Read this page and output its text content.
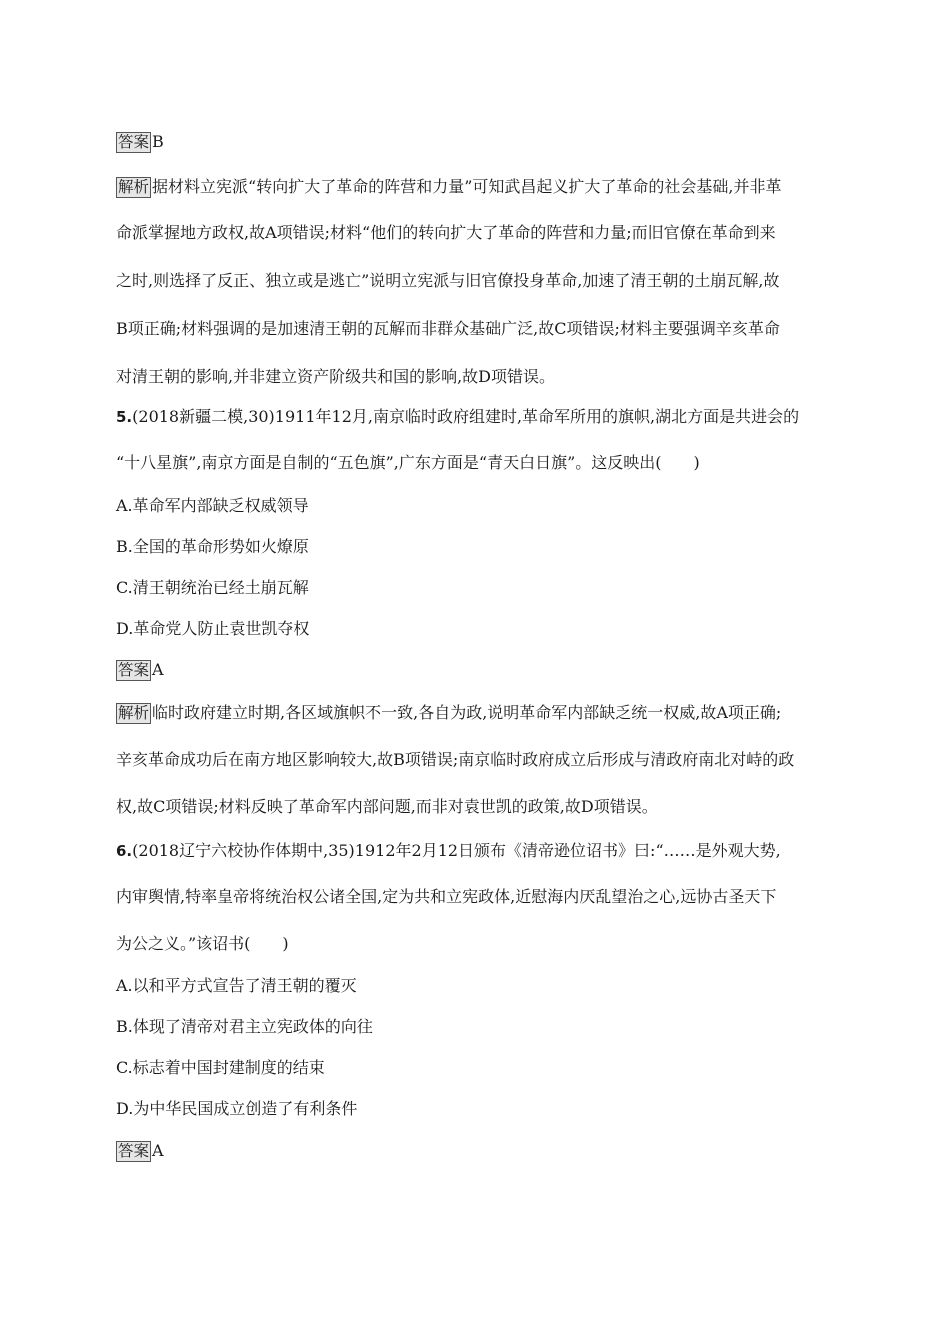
答案 B
解析 据材料立宪派“转向扩大了革命的阵营和力量”可知武昌起义扩大了革命的社会基础,并非革
命派掌握地方政权,故A项错误;材料“他们的转向扩大了革命的阵营和力量;而旧官僚在革命到来
之时,则选择了反正、独立或是逃亡”说明立宪派与旧官僚投身革命,加速了清王朝的土崩瓦解,故
B项正确;材料强调的是加速清王朝的瓦解而非群众基础广泛,故C项错误;材料主要强调辛亥革命
对清王朝的影响,并非建立资产阶级共和国的影响,故D项错误。
5.(2018新疆二模,30)1911年12月,南京临时政府组建时,革命军所用的旗帜,湖北方面是共进会的
“十八星旗”,南京方面是自制的“五色旗”,广东方面是“青天白日旗”。这反映出(　　)
A.革命军内部缺乏权威领导
B.全国的革命形势如火燎原
C.清王朝统治已经土崩瓦解
D.革命党人防止袁世凯夺权
答案 A
解析 临时政府建立时期,各区域旗帜不一致,各自为政,说明革命军内部缺乏统一权威,故A项正确;
辛亥革命成功后在南方地区影响较大,故B项错误;南京临时政府成立后形成与清政府南北对峙的政
权,故C项错误;材料反映了革命军内部问题,而非对袁世凯的政策,故D项错误。
6.(2018辽宁六校协作体期中,35)1912年2月12日颁布《清帝逊位诏书》曰:“……是外观大势,
内审舆情,特率皇帝将统治权公诸全国,定为共和立宪政体,近慰海内厌乱望治之心,远协古圣天下
为公之义。”该诏书(　　)
A.以和平方式宣告了清王朝的覆灭
B.体现了清帝对君主立宪政体的向往
C.标志着中国封建制度的结束
D.为中华民国成立创造了有利条件
答案 A
